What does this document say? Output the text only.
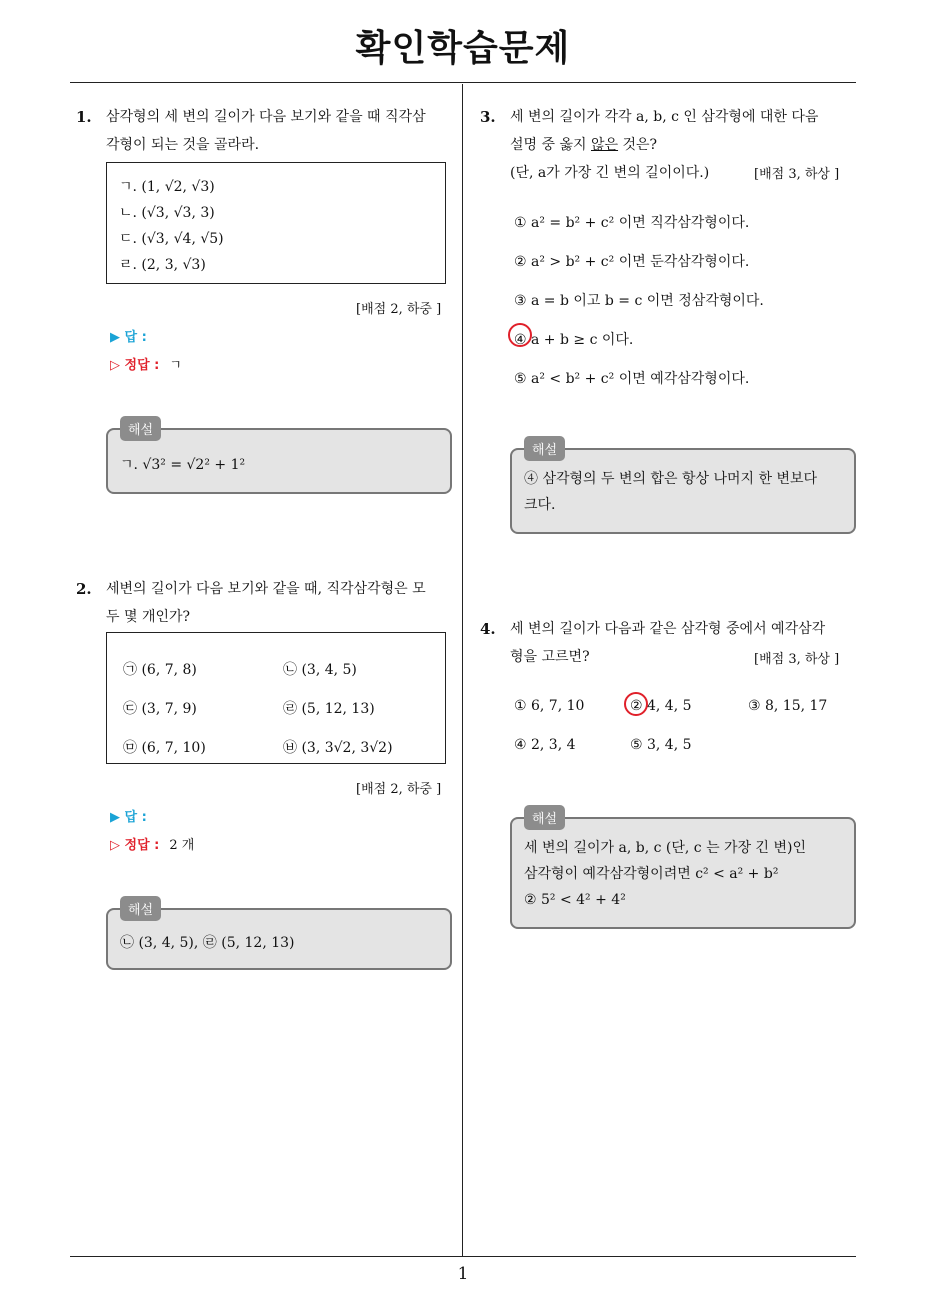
확인학습문제
1
1. 삼각형의 세 변의 길이가 다음 보기와 같을 때 직각삼
각형이 되는 것을 골라라.
ㄱ. (1, √2, √3)
ㄴ. (√3, √3, 3)
ㄷ. (√3, √4, √5)
ㄹ. (2, 3, √3)
[배점 2, 하중 ]
▶ 답 :
▷ 정답 : ㄱ
해설
ㄱ. √3² = √2² + 1²
2. 세변의 길이가 다음 보기와 같을 때, 직각삼각형은 모
두 몇 개인가?
㉠ (6, 7, 8)	㉡ (3, 4, 5)
㉢ (3, 7, 9)	㉣ (5, 12, 13)
㉤ (6, 7, 10)	㉥ (3, 3√2, 3√2)
[배점 2, 하중 ]
▶ 답 :
▷ 정답 : 2 개
해설
㉡ (3, 4, 5), ㉣ (5, 12, 13)
3. 세 변의 길이가 각각 a, b, c 인 삼각형에 대한 다음
설명 중 옳지 않은 것은?
(단, a가 가장 긴 변의 길이이다.)	[배점 3, 하상 ]
① a² = b² + c² 이면 직각삼각형이다.
② a² > b² + c² 이면 둔각삼각형이다.
③ a = b 이고 b = c 이면 정삼각형이다.
④ a + b ≥ c 이다.
⑤ a² < b² + c² 이면 예각삼각형이다.
해설
④ 삼각형의 두 변의 합은 항상 나머지 한 변보다
크다.
4. 세 변의 길이가 다음과 같은 삼각형 중에서 예각삼각
형을 고르면?	[배점 3, 하상 ]
① 6, 7, 10	② 4, 4, 5	③ 8, 15, 17
④ 2, 3, 4	⑤ 3, 4, 5
해설
세 변의 길이가 a, b, c (단, c 는 가장 긴 변)인
삼각형이 예각삼각형이려면 c² < a² + b²
② 5² < 4² + 4²
